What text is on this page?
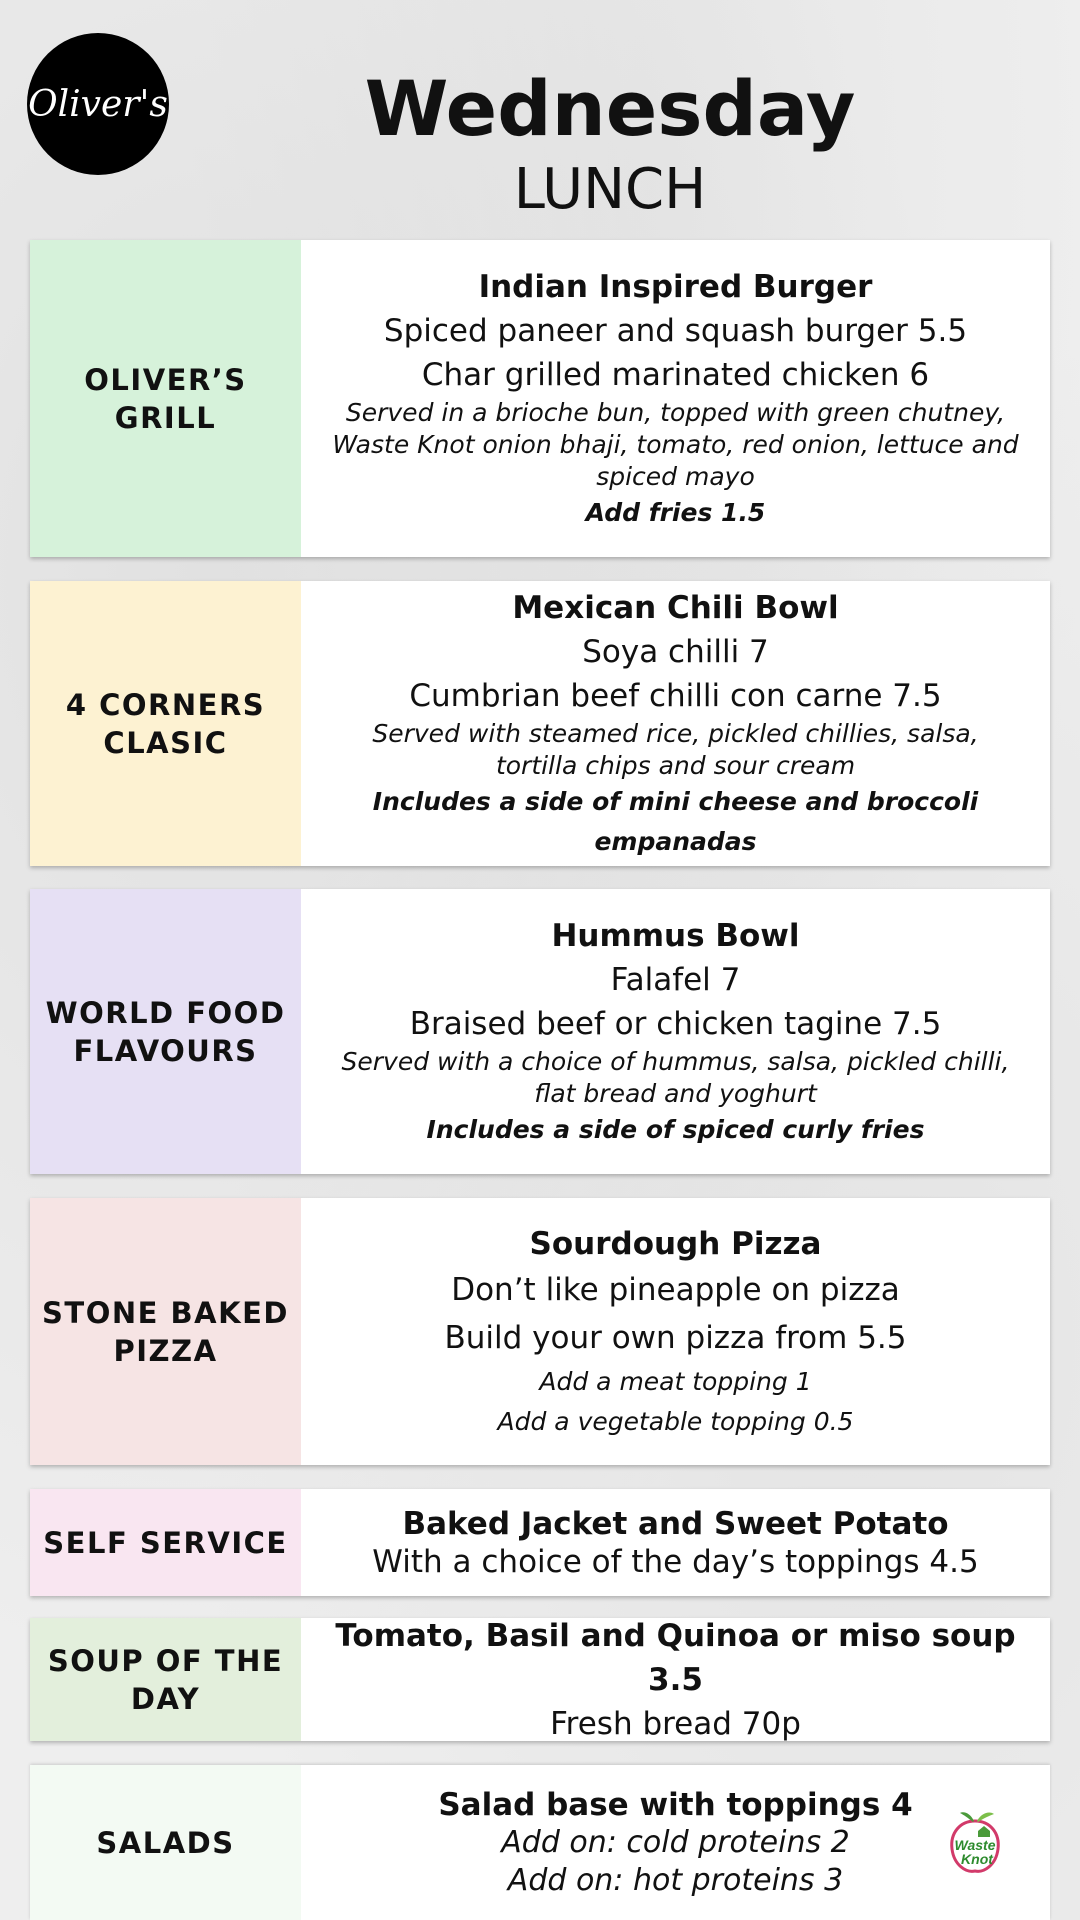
Oliver's	Wednesday
LUNCH
OLIVER’S GRILL
Indian Inspired Burger
Spiced paneer and squash burger 5.5
Char grilled marinated chicken 6
Served in a brioche bun, topped with green chutney, Waste Knot onion bhaji, tomato, red onion, lettuce and spiced mayo
Add fries 1.5
4 CORNERS CLASIC
Mexican Chili Bowl
Soya chilli 7
Cumbrian beef chilli con carne 7.5
Served with steamed rice, pickled chillies, salsa, tortilla chips and sour cream
Includes a side of mini cheese and broccoli empanadas
WORLD FOOD FLAVOURS
Hummus Bowl
Falafel 7
Braised beef or chicken tagine 7.5
Served with a choice of hummus, salsa, pickled chilli, flat bread and yoghurt
Includes a side of spiced curly fries
STONE BAKED PIZZA
Sourdough Pizza
Don’t like pineapple on pizza
Build your own pizza from 5.5
Add a meat topping 1
Add a vegetable topping 0.5
SELF SERVICE
Baked Jacket and Sweet Potato
With a choice of the day’s toppings 4.5
SOUP OF THE DAY
Tomato, Basil and Quinoa or miso soup 3.5
Fresh bread 70p
SALADS
Salad base with toppings 4
Add on: cold proteins 2
Add on: hot proteins 3
Waste
Knot
